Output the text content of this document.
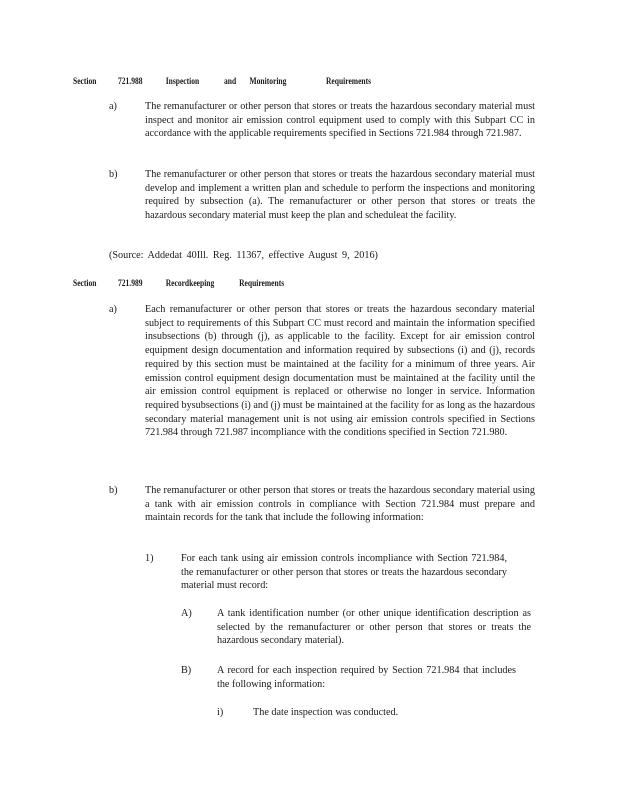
Section 721.988	Inspection	and Monitoring	Requirements
a)	The remanufacturer or other person that stores or treats the hazardous secondary material must inspect and monitor air emission control equipment used to comply with this Subpart CC in accordance with the applicable requirements specified in Sections 721.984 through 721.987.
b)	The remanufacturer or other person that stores or treats the hazardous secondary material must develop and implement a written plan and schedule to perform the inspections and monitoring required by subsection (a). The remanufacturer or other person that stores or treats the hazardous secondary material must keep the plan and scheduleat the facility.
(Source: Addedat 40Ill. Reg. 11367, effective August 9, 2016)
Section 721.989	Recordkeeping	Requirements
a)	Each remanufacturer or other person that stores or treats the hazardous secondary material subject to requirements of this Subpart CC must record and maintain the information specified insubsections (b) through (j), as applicable to the facility. Except for air emission control equipment design documentation and information required by subsections (i) and (j), records required by this section must be maintained at the facility for a minimum of three years. Air emission control equipment design documentation must be maintained at the facility until the air emission control equipment is replaced or otherwise no longer in service. Information required bysubsections (i) and (j) must be maintained at the facility for as long as the hazardous secondary material management unit is not using air emission controls specified in Sections 721.984 through 721.987 incompliance with the conditions specified in Section 721.980.
b)	The remanufacturer or other person that stores or treats the hazardous secondary material using a tank with air emission controls in compliance with Section 721.984 must prepare and maintain records for the tank that include the following information:
1)	For each tank using air emission controls incompliance with Section 721.984, the remanufacturer or other person that stores or treats the hazardous secondary material must record:
A) A tank identification number (or other unique identification description as selected by the remanufacturer or other person that stores or treats the hazardous secondary material).
B)	A record for each inspection required by Section 721.984 that includes the following information:
i)	The date inspection was conducted.
